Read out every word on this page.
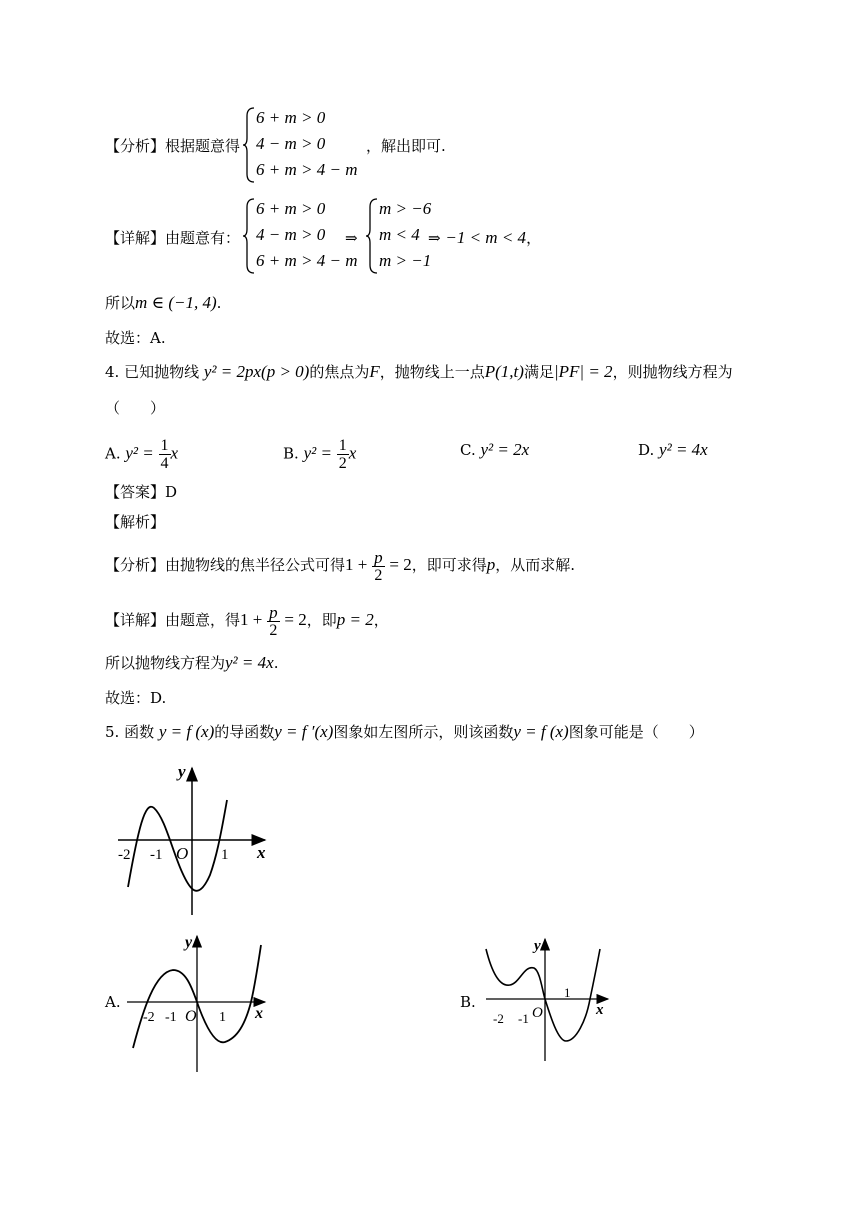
【分析】根据题意得
6 + m > 0
4 − m > 0
6 + m > 4 − m
，解出即可.
【详解】由题意有：
6 + m > 0
4 − m > 0
6 + m > 4 − m
⇒
m > −6
m < 4
m > −1
⇒ −1 < m < 4，
所以m ∈ (−1, 4).
故选：A.
4. 已知抛物线 y² = 2px(p > 0)的焦点为F，抛物线上一点P(1,t)满足|PF| = 2，则抛物线方程为
（　　）
A. $y^2 = \frac{1}{4}$ x	B. $y^2 = \frac{1}{2}$ x	C. y² = 2x	D. y² = 4x
【答案】D
【解析】
【分析】由抛物线的焦半径公式可得$1 + \frac{p}{2} = 2$，即可求得p，从而求解.
【详解】由题意，得$1 + \frac{p}{2} = 2$，即p = 2，
所以抛物线方程为y² = 4x.
故选：D.
5. 函数 y = f (x)的导函数y = f ′(x)图象如左图所示，则该函数y = f (x)图象可能是（　　）
y
x
O
-2 -1	1
A.
y
x
O
-2 -1	1
B.
y
x
O
-2 -1
1
